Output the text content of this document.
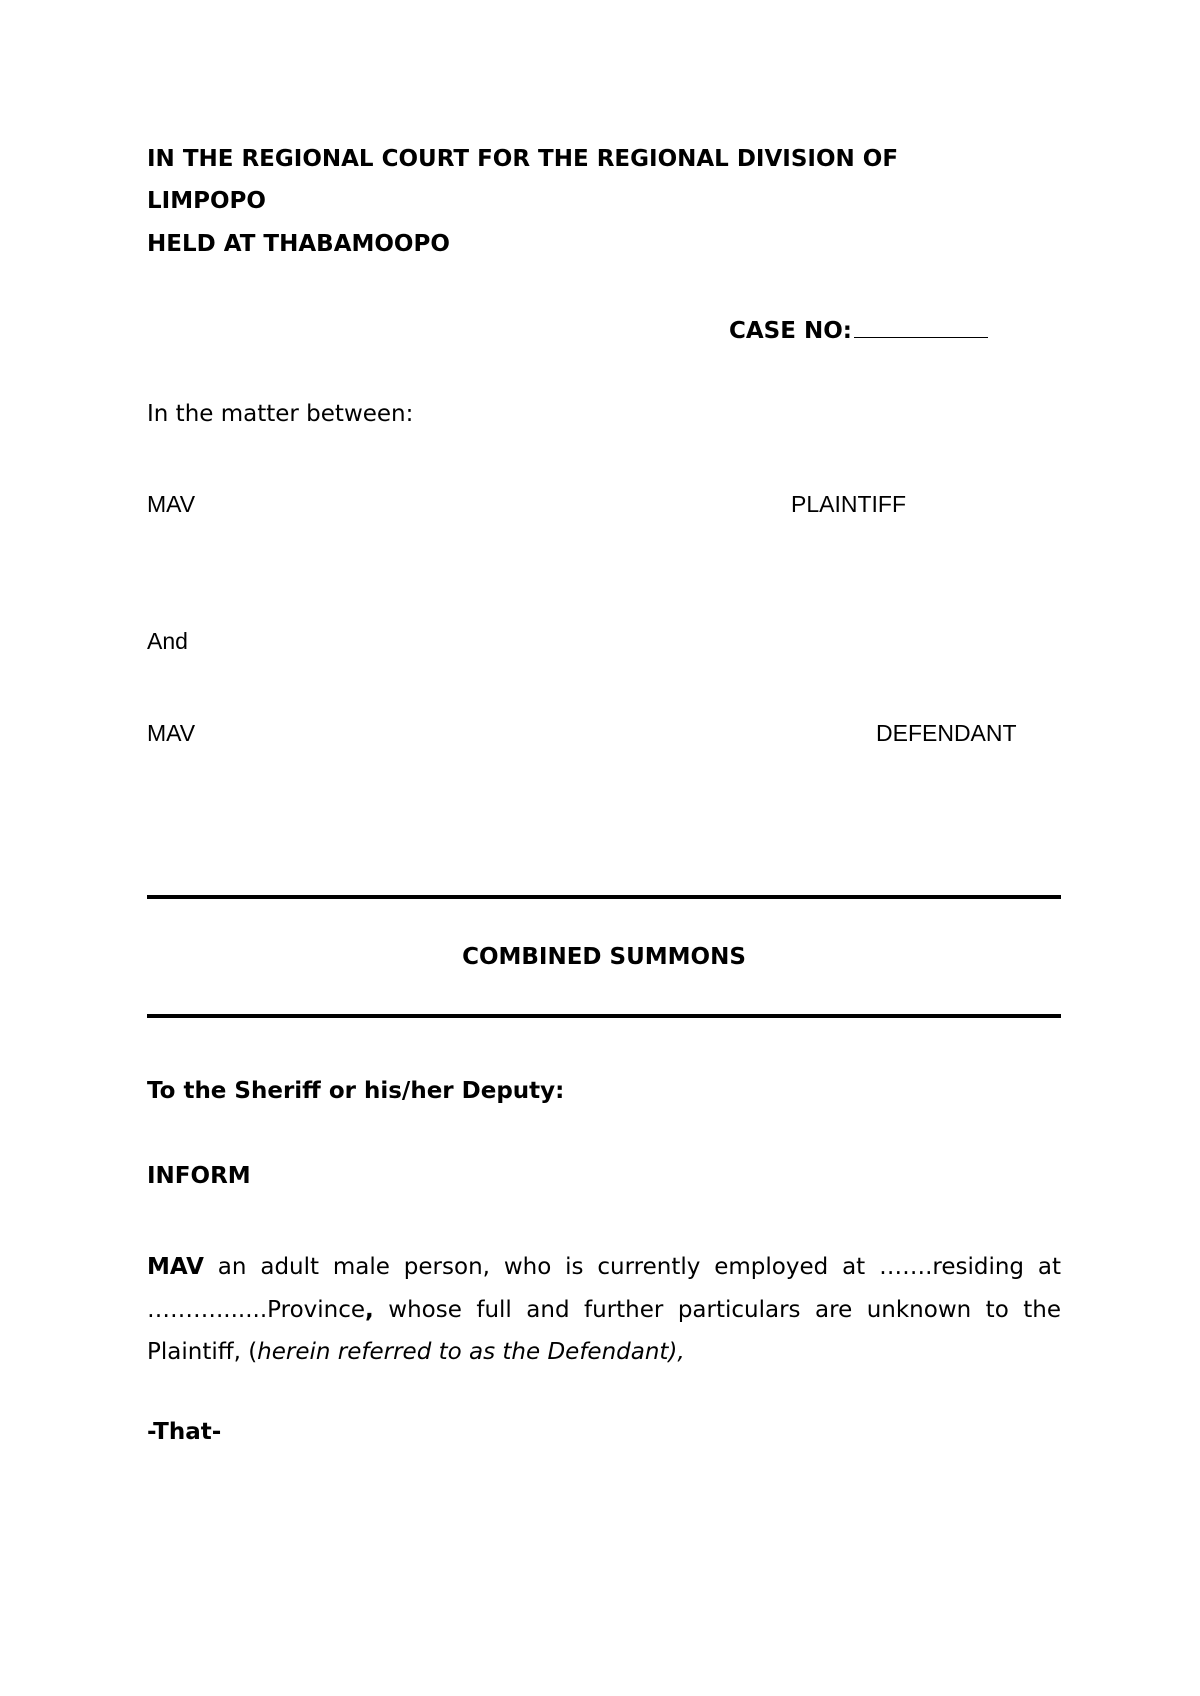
IN THE REGIONAL COURT FOR THE REGIONAL DIVISION OF
LIMPOPO
HELD AT THABAMOOPO
CASE NO:
In the matter between:
MAV	PLAINTIFF
And
MAV	DEFENDANT
COMBINED SUMMONS
To the Sheriff or his/her Deputy:
INFORM
MAV an adult male person, who is currently employed at …….residing at
……….......Province, whose full and further particulars are unknown to the
Plaintiff, (herein referred to as the Defendant),
-That-
